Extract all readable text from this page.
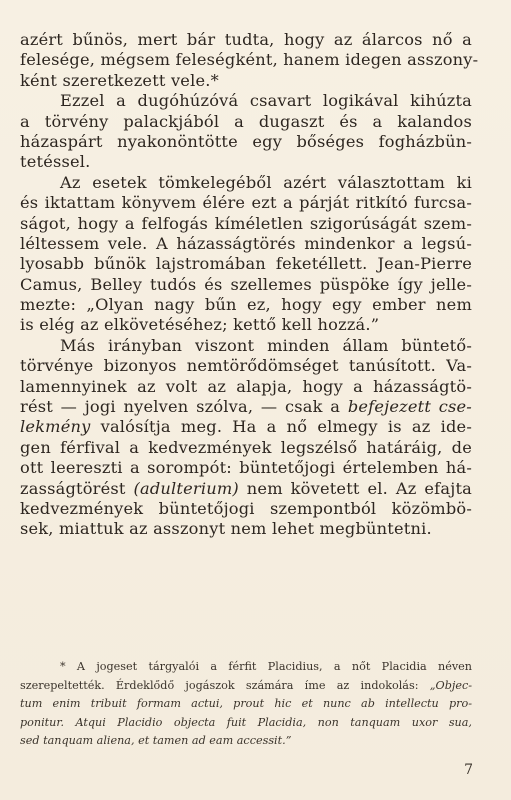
azért bűnös, mert bár tudta, hogy az álarcos nő a
felesége, mégsem feleségként, hanem idegen asszony-
ként szeretkezett vele.*
Ezzel a dugóhúzóvá csavart logikával kihúzta
a törvény palackjából a dugaszt és a kalandos
házaspárt nyakonöntötte egy bőséges fogházbün-
tetéssel.
Az esetek tömkelegéből azért választottam ki
és iktattam könyvem élére ezt a párját ritkító furcsa-
ságot, hogy a felfogás kíméletlen szigorúságát szem-
léltessem vele. A házasságtörés mindenkor a legsú-
lyosabb bűnök lajstromában feketéllett. Jean-Pierre
Camus, Belley tudós és szellemes püspöke így jelle-
mezte: „Olyan nagy bűn ez, hogy egy ember nem
is elég az elkövetéséhez; kettő kell hozzá.”
Más irányban viszont minden állam büntető-
törvénye bizonyos nemtörődömséget tanúsított. Va-
lamennyinek az volt az alapja, hogy a házasságtö-
rést — jogi nyelven szólva, — csak a befejezett cse-
lekmény valósítja meg. Ha a nő elmegy is az ide-
gen férfival a kedvezmények legszélső határáig, de
ott leereszti a sorompót: büntetőjogi értelemben há-
zasságtörést (adulterium) nem követett el. Az efajta
kedvezmények büntetőjogi szempontból közömbö-
sek, miattuk az asszonyt nem lehet megbüntetni.
* A jogeset tárgyalói a férfit Placidius, a nőt Placidia néven
szerepeltették. Érdeklődő jogászok számára íme az indokolás: „Objec-
tum enim tribuit formam actui, prout hic et nunc ab intellectu pro-
ponitur. Atqui Placidio objecta fuit Placidia, non tanquam uxor sua,
sed tanquam aliena, et tamen ad eam accessit.”
7
